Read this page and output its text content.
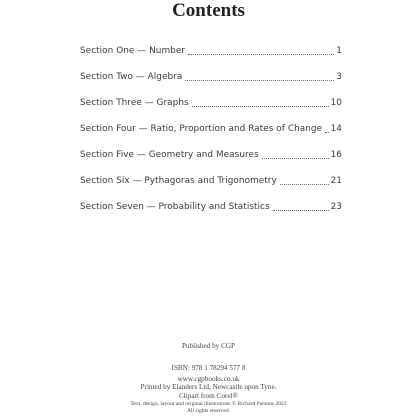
Contents
Section One — Number	1
Section Two — Algebra	3
Section Three — Graphs	10
Section Four — Ratio, Proportion and Rates of Change 14
Section Five — Geometry and Measures	16
Section Six — Pythagoras and Trigonometry	21
Section Seven — Probability and Statistics	23

Published by CGP

ISBN: 978 1 78294 577 8

www.cgpbooks.co.uk

Printed by Elanders Ltd, Newcastle upon Tyne.

Clipart from Corel®

Text, design, layout and original illustrations © Richard Parsons 2022

All rights reserved.
